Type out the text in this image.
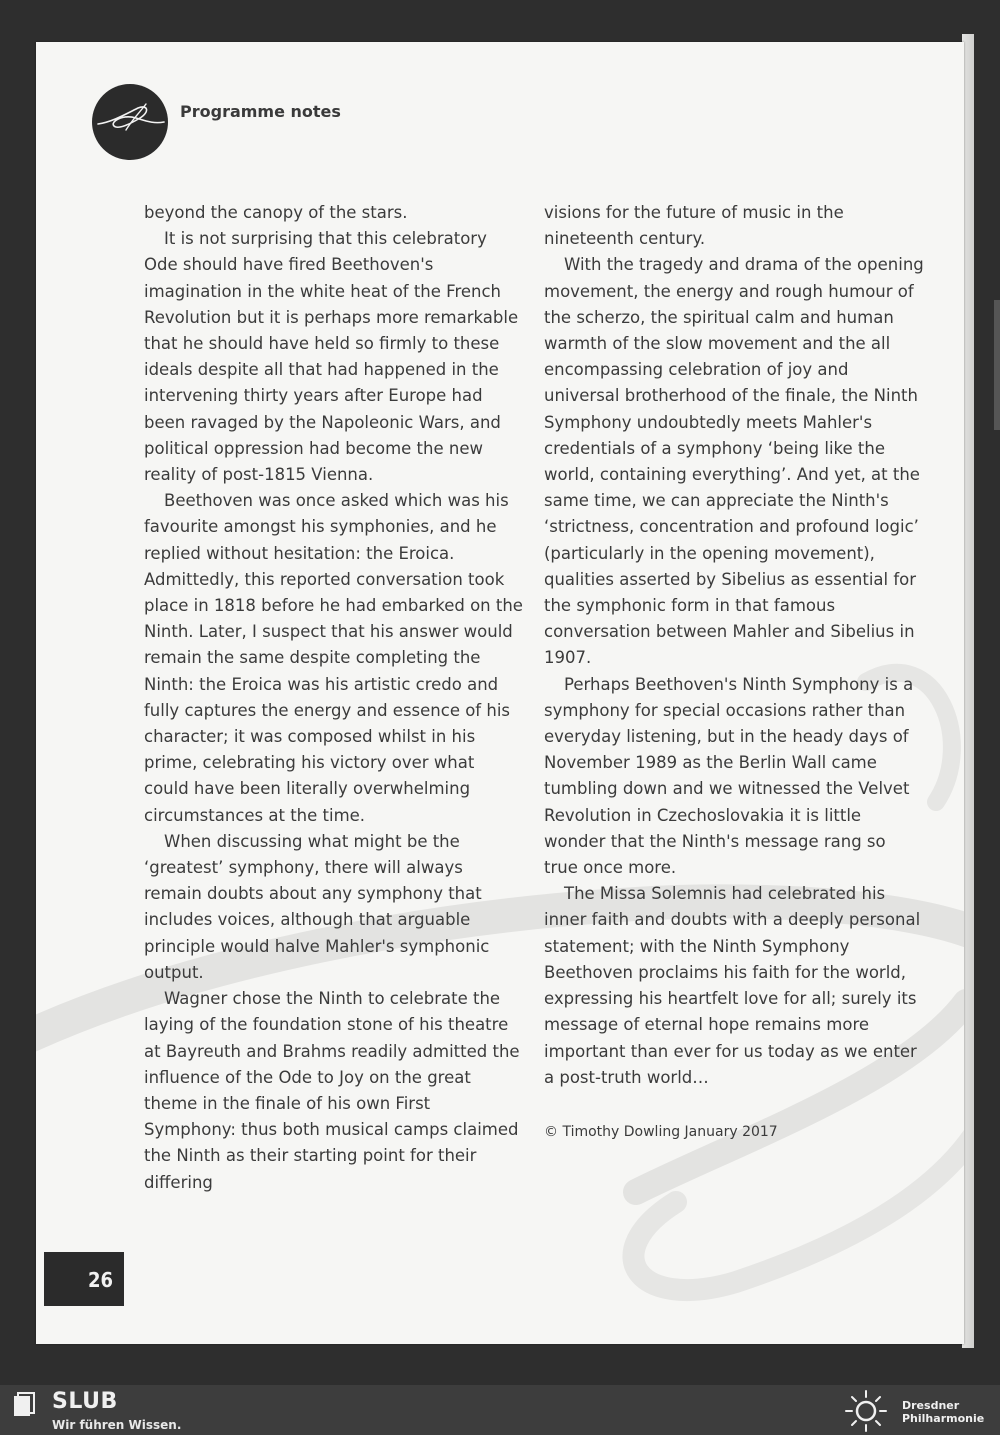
Programme notes

beyond the canopy of the stars.

It is not surprising that this celebratory Ode should have fired Beethoven's imagination in the white heat of the French Revolution but it is perhaps more remarkable that he should have held so firmly to these ideals despite all that had happened in the intervening thirty years after Europe had been ravaged by the Napoleonic Wars, and political oppression had become the new reality of post-1815 Vienna.

Beethoven was once asked which was his favourite amongst his symphonies, and he replied without hesitation: the Eroica. Admittedly, this reported conversation took place in 1818 before he had embarked on the Ninth. Later, I suspect that his answer would remain the same despite completing the Ninth: the Eroica was his artistic credo and fully captures the energy and essence of his character; it was composed whilst in his prime, celebrating his victory over what could have been literally overwhelming circumstances at the time.

When discussing what might be the ‘greatest’ symphony, there will always remain doubts about any symphony that includes voices, although that arguable principle would halve Mahler's symphonic output.

Wagner chose the Ninth to celebrate the laying of the foundation stone of his theatre at Bayreuth and Brahms readily admitted the influence of the Ode to Joy on the great theme in the finale of his own First Symphony: thus both musical camps claimed the Ninth as their starting point for their differing

visions for the future of music in the nineteenth century.

With the tragedy and drama of the opening movement, the energy and rough humour of the scherzo, the spiritual calm and human warmth of the slow movement and the all encompassing celebration of joy and universal brotherhood of the finale, the Ninth Symphony undoubtedly meets Mahler's credentials of a symphony ‘being like the world, containing everything’. And yet, at the same time, we can appreciate the Ninth's ‘strictness, concentration and profound logic’ (particularly in the opening movement), qualities asserted by Sibelius as essential for the symphonic form in that famous conversation between Mahler and Sibelius in 1907.

Perhaps Beethoven's Ninth Symphony is a symphony for special occasions rather than everyday listening, but in the heady days of November 1989 as the Berlin Wall came tumbling down and we witnessed the Velvet Revolution in Czechoslovakia it is little wonder that the Ninth's message rang so true once more.

The Missa Solemnis had celebrated his inner faith and doubts with a deeply personal statement; with the Ninth Symphony Beethoven proclaims his faith for the world, expressing his heartfelt love for all; surely its message of eternal hope remains more important than ever for us today as we enter a post-truth world…

© Timothy Dowling January 2017

26
SLUB
Wir führen Wissen.
Dresdner
Philharmonie
